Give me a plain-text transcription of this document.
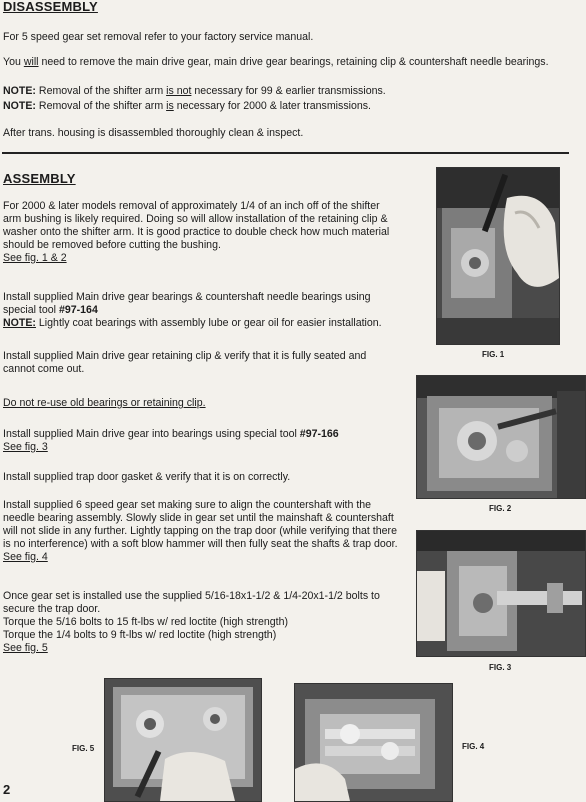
DISASSEMBLY
For 5 speed gear set removal refer to your factory service manual.
You will need to remove the main drive gear, main drive gear bearings, retaining clip & countershaft needle bearings.
NOTE: Removal of the shifter arm is not necessary for 99 & earlier transmissions.
NOTE: Removal of the shifter arm is necessary for 2000 & later transmissions.
After trans. housing is disassembled thoroughly clean & inspect.
ASSEMBLY
For 2000 & later models removal of approximately 1/4 of an inch off of the shifter
arm bushing is likely required. Doing so will allow installation of the retaining clip &
washer onto the shifter arm. It is good practice to double check how much material
should be removed before cutting the bushing.
See fig. 1 & 2
Install supplied Main drive gear bearings & countershaft needle bearings using
special tool #97-164
NOTE: Lightly coat bearings with assembly lube or gear oil for easier installation.
Install supplied Main drive gear retaining clip & verify that it is fully seated and
cannot come out.
Do not re-use old bearings or retaining clip.
Install supplied Main drive gear into bearings using special tool #97-166
See fig. 3
Install supplied trap door gasket & verify that it is on correctly.
Install supplied 6 speed gear set making sure to align the countershaft with the
needle bearing assembly. Slowly slide in gear set until the mainshaft & countershaft
will not slide in any further. Lightly tapping on the trap door (while verifying that there
is no interference) with a soft blow hammer will then fully seat the shafts & trap door.
See fig. 4
Once gear set is installed use the supplied 5/16-18x1-1/2 & 1/4-20x1-1/2 bolts to
secure the trap door.
Torque the 5/16 bolts to 15 ft-lbs w/ red loctite (high strength)
Torque the 1/4 bolts to 9 ft-lbs w/ red loctite (high strength)
See fig. 5
FIG. 1
FIG. 2
FIG. 3
FIG. 5	FIG. 4
2
